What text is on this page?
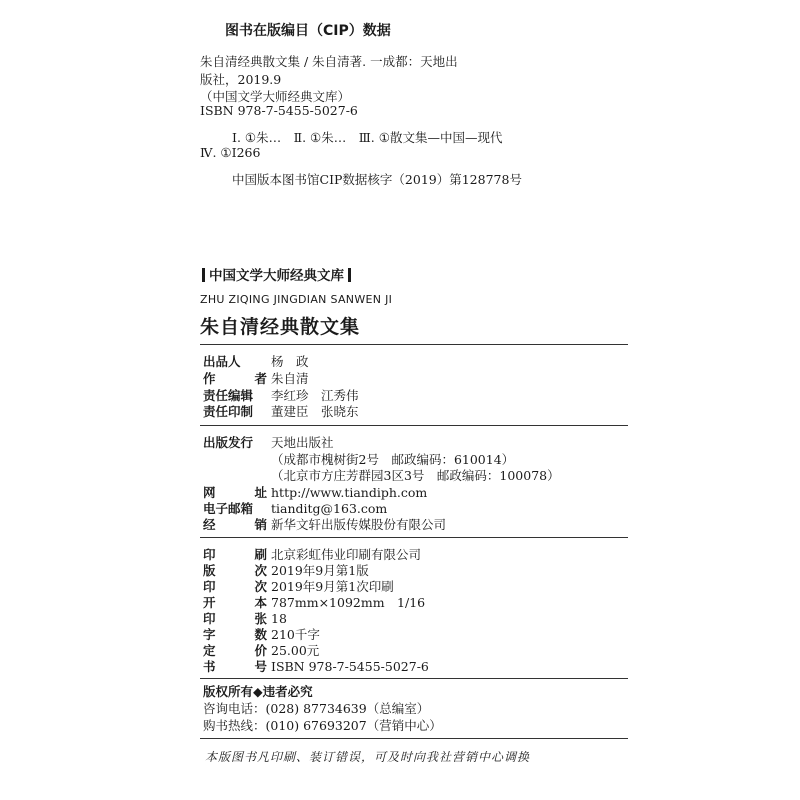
图书在版编目（CIP）数据
朱自清经典散文集 / 朱自清著. 一成都：天地出
版社，2019.9
（中国文学大师经典文库）
ISBN 978-7-5455-5027-6
Ⅰ. ①朱…　Ⅱ. ①朱…　Ⅲ. ①散文集—中国—现代
Ⅳ. ①I266
中国版本图书馆CIP数据核字（2019）第128778号
中国文学大师经典文库
ZHU ZIQING JINGDIAN SANWEN JI
朱自清经典散文集
出品人	杨　政
作	者 朱自清
责任编辑	李红珍　江秀伟
责任印制	董建臣　张晓东
出版发行	天地出版社
（成都市槐树街2号　邮政编码：610014）
（北京市方庄芳群园3区3号　邮政编码：100078）
网	址 http://www.tiandiph.com
电子邮箱	tianditg@163.com
经	销 新华文轩出版传媒股份有限公司
印	刷 北京彩虹伟业印刷有限公司
版	次 2019年9月第1版
印	次 2019年9月第1次印刷
开	本 787mm×1092mm　1/16
印	张 18
字	数 210千字
定	价 25.00元
书	号 ISBN 978-7-5455-5027-6
版权所有◆违者必究
咨询电话：(028) 87734639（总编室）
购书热线：(010) 67693207（营销中心）
本版图书凡印刷、装订错误，可及时向我社营销中心调换
